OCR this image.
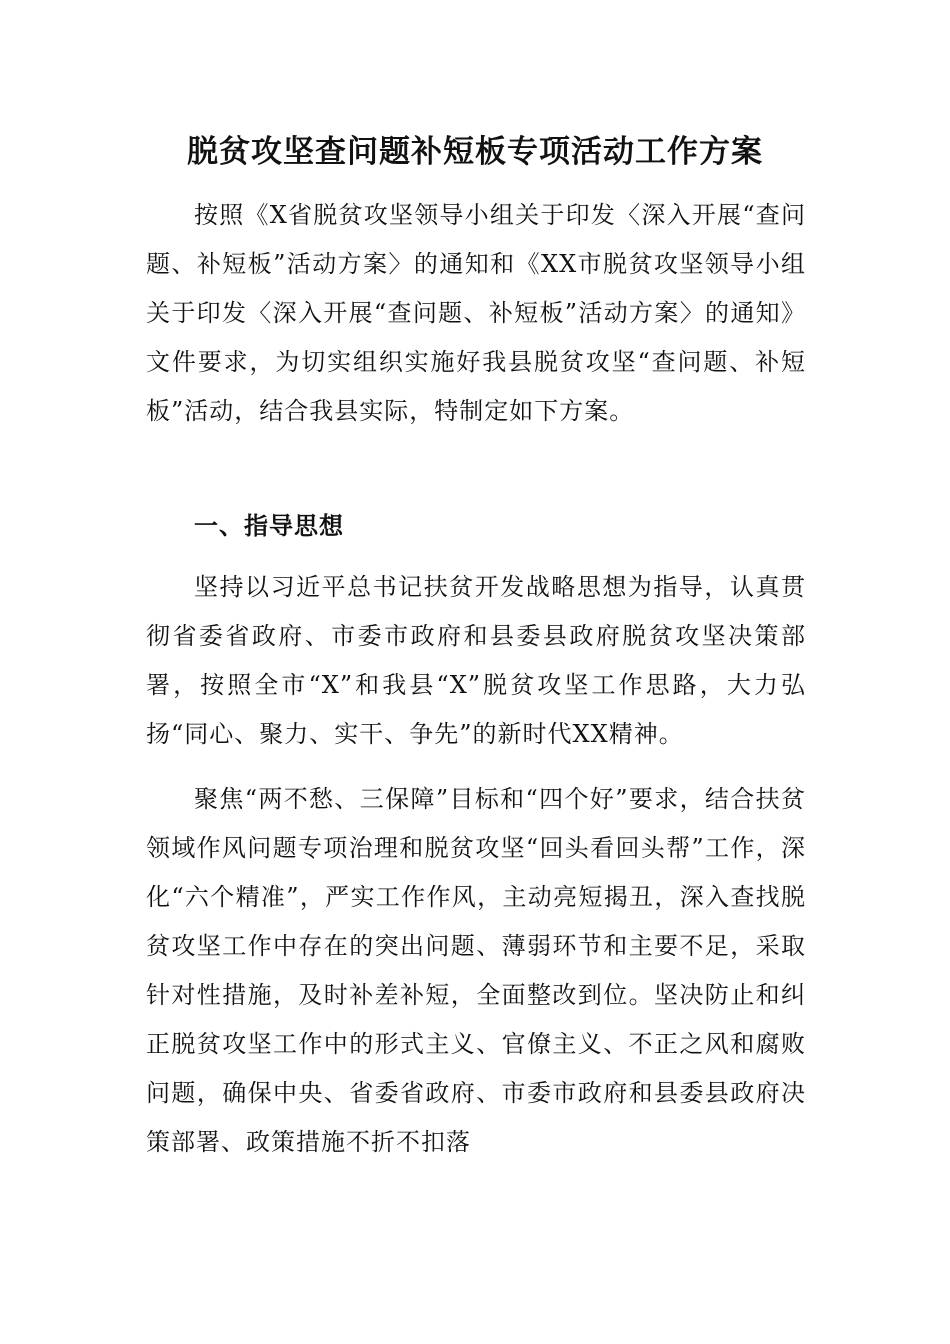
脱贫攻坚查问题补短板专项活动工作方案
按照《X省脱贫攻坚领导小组关于印发〈深入开展“查问 题、补短板”活动方案〉的通知和《XX市脱贫攻坚领导小组关于印发〈深入开展“查问题、补短板”活动方案〉的通知》文件要求，为切实组织实施好我县脱贫攻坚“查问题、补短板”活动，结合我县实际，特制定如下方案。
一、指导思想
坚持以习近平总书记扶贫开发战略思想为指导，认真贯彻省委省政府、市委市政府和县委县政府脱贫攻坚决策部署，按照全市“X”和我县“X”脱贫攻坚工作思路，大力弘扬“同心、聚力、实干、争先”的新时代XX精神。
聚焦“两不愁、三保障”目标和“四个好”要求，结合扶贫领域作风问题专项治理和脱贫攻坚“回头看回头帮”工作，深化“六个精准”，严实工作作风，主动亮短揭丑，深入查找脱贫攻坚工作中存在的突出问题、薄弱环节和主要不足，采取针对性措施，及时补差补短，全面整改到位。坚决防止和纠正脱贫攻坚工作中的形式主义、官僚主义、不正之风和腐败问题，确保中央、省委省政府、市委市政府和县委县政府决策部署、政策措施不折不扣落
